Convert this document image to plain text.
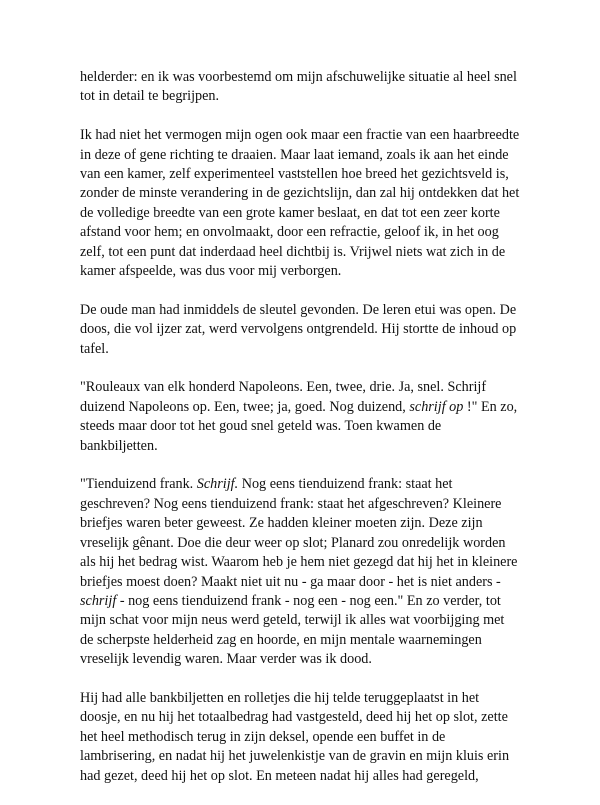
helderder: en ik was voorbestemd om mijn afschuwelijke situatie al heel snel tot in detail te begrijpen.

Ik had niet het vermogen mijn ogen ook maar een fractie van een haarbreedte in deze of gene richting te draaien. Maar laat iemand, zoals ik aan het einde van een kamer, zelf experimenteel vaststellen hoe breed het gezichtsveld is, zonder de minste verandering in de gezichtslijn, dan zal hij ontdekken dat het de volledige breedte van een grote kamer beslaat, en dat tot een zeer korte afstand voor hem; en onvolmaakt, door een refractie, geloof ik, in het oog zelf, tot een punt dat inderdaad heel dichtbij is. Vrijwel niets wat zich in de kamer afspeelde, was dus voor mij verborgen.

De oude man had inmiddels de sleutel gevonden. De leren etui was open. De doos, die vol ijzer zat, werd vervolgens ontgrendeld. Hij stortte de inhoud op tafel.

"Rouleaux van elk honderd Napoleons. Een, twee, drie. Ja, snel. Schrijf duizend Napoleons op. Een, twee; ja, goed. Nog duizend, schrijf op !" En zo, steeds maar door tot het goud snel geteld was. Toen kwamen de bankbiljetten.

"Tienduizend frank. Schrijf. Nog eens tienduizend frank: staat het geschreven? Nog eens tienduizend frank: staat het afgeschreven? Kleinere briefjes waren beter geweest. Ze hadden kleiner moeten zijn. Deze zijn vreselijk gênant. Doe die deur weer op slot; Planard zou onredelijk worden als hij het bedrag wist. Waarom heb je hem niet gezegd dat hij het in kleinere briefjes moest doen? Maakt niet uit nu - ga maar door - het is niet anders - schrijf - nog eens tienduizend frank - nog een - nog een." En zo verder, tot mijn schat voor mijn neus werd geteld, terwijl ik alles wat voorbijging met de scherpste helderheid zag en hoorde, en mijn mentale waarnemingen vreselijk levendig waren. Maar verder was ik dood.

Hij had alle bankbiljetten en rolletjes die hij telde teruggeplaatst in het doosje, en nu hij het totaalbedrag had vastgesteld, deed hij het op slot, zette het heel methodisch terug in zijn deksel, opende een buffet in de lambrisering, en nadat hij het juwelenkistje van de gravin en mijn kluis erin had gezet, deed hij het op slot. En meteen nadat hij alles had geregeld,
